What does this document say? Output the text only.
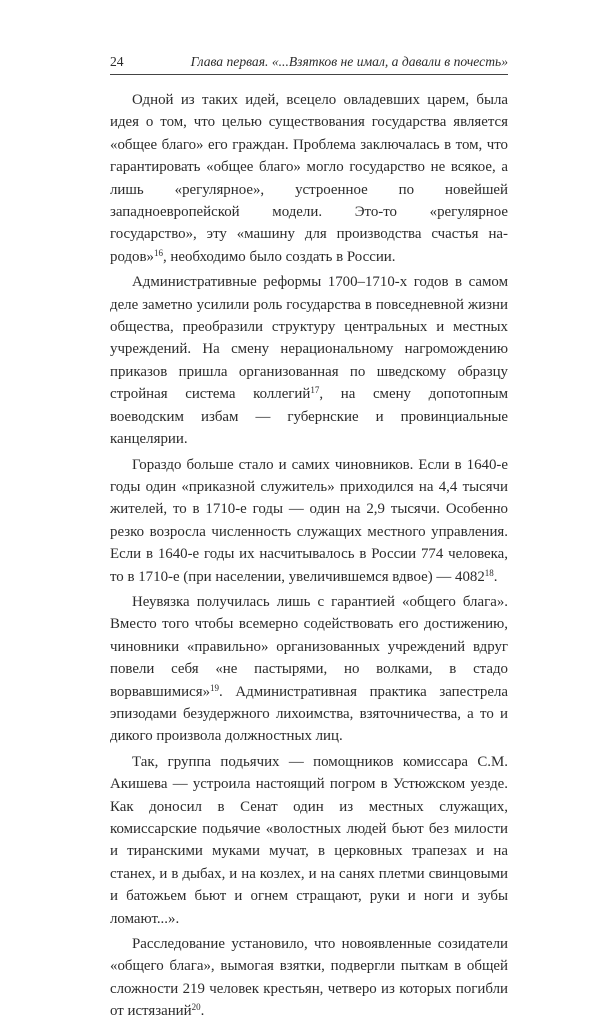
24	Глава первая. «...Взятков не имал, а давали в почесть»

Одной из таких идей, всецело овладевших царем, была идея о том, что целью существования государства является «общее благо» его граждан. Проблема заключалась в том, что гарантировать «общее благо» могло государство не всякое, а лишь «регулярное», устроенное по новейшей западноевропейской модели. Это-то «регулярное государство», эту «машину для производства счастья народов»$^{16}$, необходимо было создать в России.

Административные реформы 1700–1710-х годов в самом деле заметно усилили роль государства в повседневной жизни общества, преобразили структуру центральных и местных учреждений. На смену нерациональному нагромождению приказов пришла организованная по шведскому образцу стройная система коллегий$^{17}$, на смену допотопным воеводским избам — губернские и провинциальные канцелярии.

Гораздо больше стало и самих чиновников. Если в 1640-е годы один «приказной служитель» приходился на 4,4 тысячи жителей, то в 1710-е годы — один на 2,9 тысячи. Особенно резко возросла численность служащих местного управления. Если в 1640-е годы их насчитывалось в России 774 человека, то в 1710-е (при населении, увеличившемся вдвое) — 4082$^{18}$.

Неувязка получилась лишь с гарантией «общего блага». Вместо того чтобы всемерно содействовать его достижению, чиновники «правильно» организованных учреждений вдруг повели себя «не пастырями, но волками, в стадо ворвавшимися»$^{19}$. Административная практика запестрела эпизодами безудержного лихоимства, взяточничества, а то и дикого произвола должностных лиц.

Так, группа подьячих — помощников комиссара С.М. Акишева — устроила настоящий погром в Устюжском уезде. Как доносил в Сенат один из местных служащих, комиссарские подьячие «волостных людей бьют без милости и тиранскими муками мучат, в церковных трапезах и на станех, и в дыбах, и на козлех, и на санях плетми свинцовыми и батожьем бьют и огнем стращают, руки и ноги и зубы ломают...».

Расследование установило, что новоявленные созидатели «общего блага», вымогая взятки, подвергли пыткам в общей сложности 219 человек крестьян, четверо из которых погибли от истязаний$^{20}$.
